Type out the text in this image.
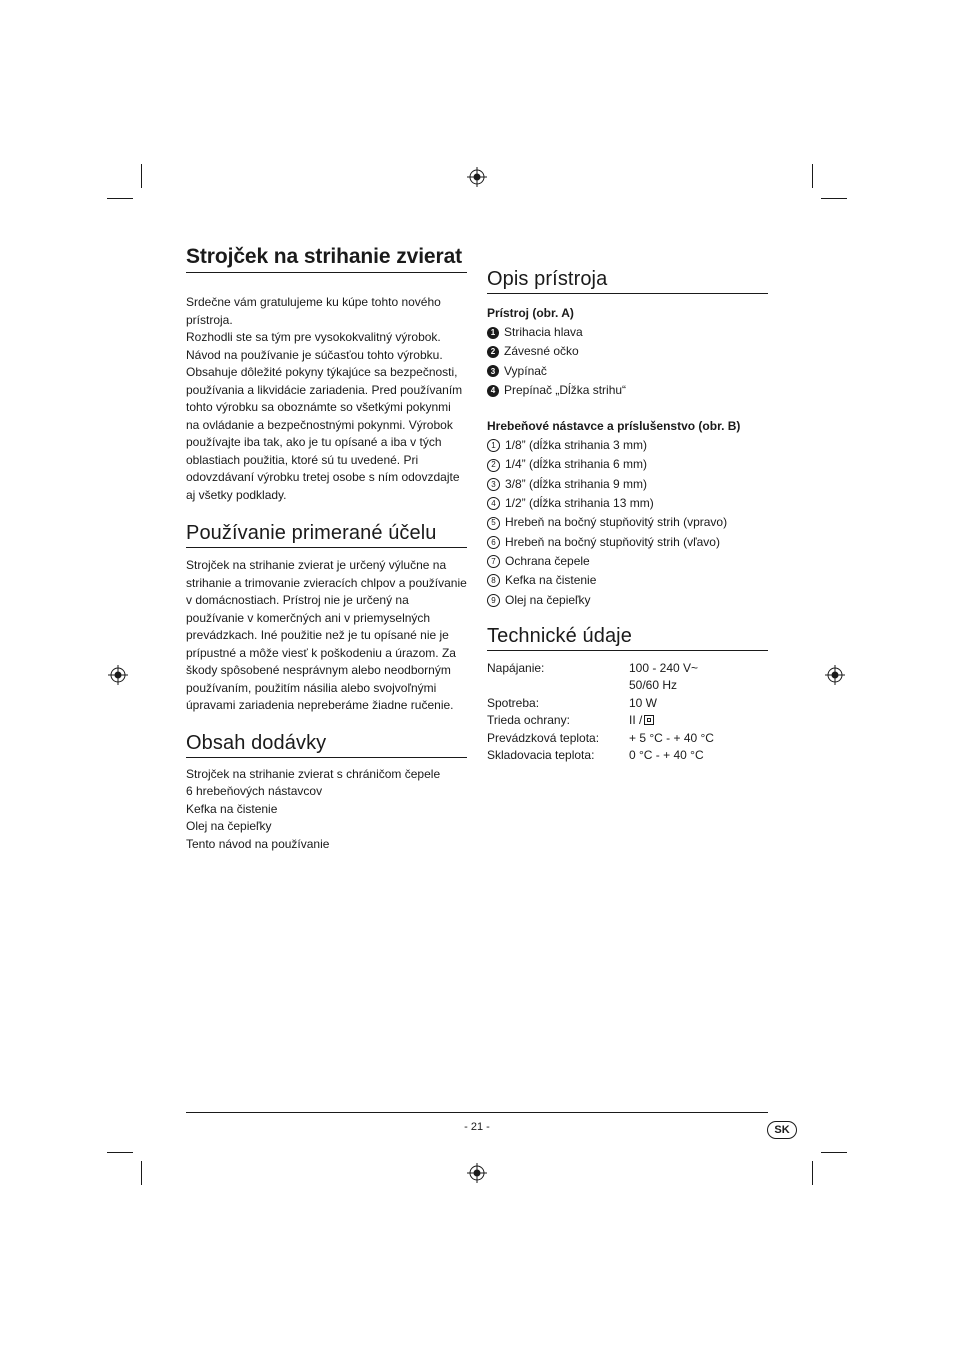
Strojček na strihanie zvierat

Srdečne vám gratulujeme ku kúpe tohto nového prístroja.

Rozhodli ste sa tým pre vysokokvalitný výrobok. Návod na používanie je súčasťou tohto výrobku. Obsahuje dôležité pokyny týkajúce sa bezpečnosti, používania a likvidácie zariadenia. Pred používaním tohto výrobku sa oboznámte so všetkými pokynmi na ovládanie a bezpečnostnými pokynmi. Výrobok používajte iba tak, ako je tu opísané a iba v tých oblastiach použitia, ktoré sú tu uvedené. Pri odovzdávaní výrobku tretej osobe s ním odovzdajte aj všetky podklady.

Používanie primerané účelu
Strojček na strihanie zvierat je určený výlučne na strihanie a trimovanie zvieracích chlpov a používanie v domácnostiach. Prístroj nie je určený na používanie v komerčných ani v priemyselných prevádzkach. Iné použitie než je tu opísané nie je prípustné a môže viesť k poškodeniu a úrazom. Za škody spôsobené nesprávnym alebo neodborným používaním, použitím násilia alebo svojvoľnými úpravami zariadenia nepreberáme žiadne ručenie.
Obsah dodávky

Strojček na strihanie zvierat s chráničom čepele

6 hrebeňových nástavcov

Kefka na čistenie

Olej na čepieľky

Tento návod na používanie

Opis prístroja
Prístroj (obr. A)
1 Strihacia hlava
2 Závesné očko
3 Vypínač
4 Prepínač „Dĺžka strihu“
Hrebeňové nástavce a príslušenstvo (obr. B)
1 1/8” (dĺžka strihania 3 mm)
2 1/4” (dĺžka strihania 6 mm)
3 3/8” (dĺžka strihania 9 mm)
4 1/2” (dĺžka strihania 13 mm)
5 Hrebeň na bočný stupňovitý strih (vpravo)
6 Hrebeň na bočný stupňovitý strih (vľavo)
7 Ochrana čepele
8 Kefka na čistenie
9 Olej na čepieľky
Technické údaje
Napájanie:	100 - 240 V~

50/60 Hz

Spotreba:	10 W
Trieda ochrany:	II /
Prevádzková teplota:	+ 5 °C - + 40 °C
Skladovacia teplota:	0 °C - + 40 °C
- 21 -	SK
